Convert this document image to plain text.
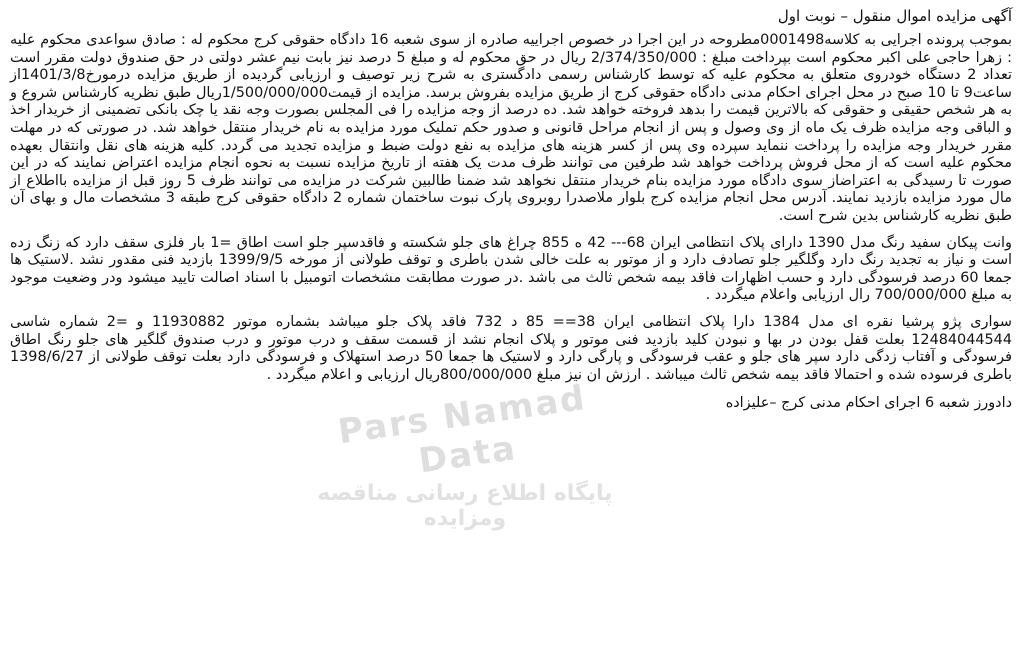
آگهی مزایده اموال منقول – نوبت اول

بموجب پرونده اجرایی به کلاسه0001498مطروحه در این اجرا در خصوص اجراییه صادره از سوی شعبه 16 دادگاه حقوقی کرج محکوم له : صادق سواعدی محکوم علیه : زهرا حاجی علی اکبر محکوم است بپرداخت مبلغ : 2/374/350/000 ریال در حق محکوم له و مبلغ 5 درصد نیز بابت نیم عشر دولتی در حق صندوق دولت مقرر است تعداد 2 دستگاه خودروی متعلق به محکوم علیه که توسط کارشناس رسمی دادگستری به شرح زیر توصیف و ارزیابی گردیده از طریق مزایده درمورخ1401/3/8از ساعت9 تا 10 صبح در محل اجرای احکام مدنی دادگاه حقوقی کرج از طریق مزایده بفروش برسد. مزایده از قیمت1/500/000/000ریال طبق نظریه کارشناس شروع و به هر شخص حقیقی و حقوقی که بالاترین قیمت را بدهد فروخته خواهد شد. ده درصد از وجه مزایده را فی المجلس بصورت وجه نقد یا چک بانکی تضمینی از خریدار اخذ و الباقی وجه مزایده ظرف یک ماه از وی وصول و پس از انجام مراحل قانونی و صدور حکم تملیک مورد مزایده به نام خریدار منتقل خواهد شد. در صورتی که در مهلت مقرر خریدار وجه مزایده را پرداخت ننماید سپرده وی پس از کسر هزینه های مزایده به نفع دولت ضبط و مزایده تجدید می گردد. کلیه هزینه های نقل وانتقال بعهده محکوم علیه است که از محل فروش پرداخت خواهد شد طرفین می توانند ظرف مدت یک هفته از تاریخ مزایده نسبت به نحوه انجام مزایده اعتراض نمایند که در این صورت تا رسیدگی به اعتراضاز سوی دادگاه مورد مزایده بنام خریدار منتقل نخواهد شد ضمنا طالبین شرکت در مزایده می توانند ظرف 5 روز قبل از مزایده بااطلاع از مال مورد مزایده بازدید نمایند. آدرس محل انجام مزایده کرج بلوار ملاصدرا روبروی پارک نبوت ساختمان شماره 2 دادگاه حقوقی کرج طبقه 3 مشخصات مال و بهای آن طبق نظریه کارشناس بدین شرح است.

وانت پیکان سفید رنگ مدل 1390 دارای پلاک انتظامی ایران 68--- 42 ه 855 چراغ های جلو شکسته و فاقدسپر جلو است اطاق =1 بار فلزی سقف دارد که زنگ زده است و نیاز به تجدید رنگ دارد وگلگیر جلو تصادف دارد و از موتور به علت خالی شدن باطری و توقف طولانی از مورخه 1399/9/5 بازدید فنی مقدور نشد .لاستیک ها جمعا 60 درصد فرسودگی دارد و حسب اظهارات فاقد بیمه شخص ثالث می باشد .در صورت مطابقت مشخصات اتومبیل با اسناد اصالت تایید میشود ودر وضعیت موجود به مبلغ 700/000/000 رال ارزیابی واعلام میگردد .

سواری پژو پرشیا نقره ای مدل 1384 دارا پلاک انتظامی ایران 38== 85 د 732 فاقد پلاک جلو میباشد بشماره موتور 11930882 و =2 شماره شاسی 12484044544 بعلت قفل بودن در بها و نبودن کلید بازدید فنی موتور و پلاک انجام نشد از قسمت سقف و درب موتور و درب صندوق گلگیر های جلو رنگ اطاق فرسودگی و آفتاب زدگی دارد سپر های جلو و عقب فرسودگی و پارگی دارد و لاستیک ها جمعا 50 درصد استهلاک و فرسودگی دارد بعلت توقف طولانی از 1398/6/27 باطری فرسوده شده و احتمالا فاقد بیمه شخص ثالث میباشد . ارزش ان نیز مبلغ 800/000/000ریال ارزیابی و اعلام میگردد .

دادورز شعبه 6 اجرای احکام مدنی کرج –علیزاده
Pars Namad Data
پایگاه اطلاع رسانی مناقصه ومزایده
